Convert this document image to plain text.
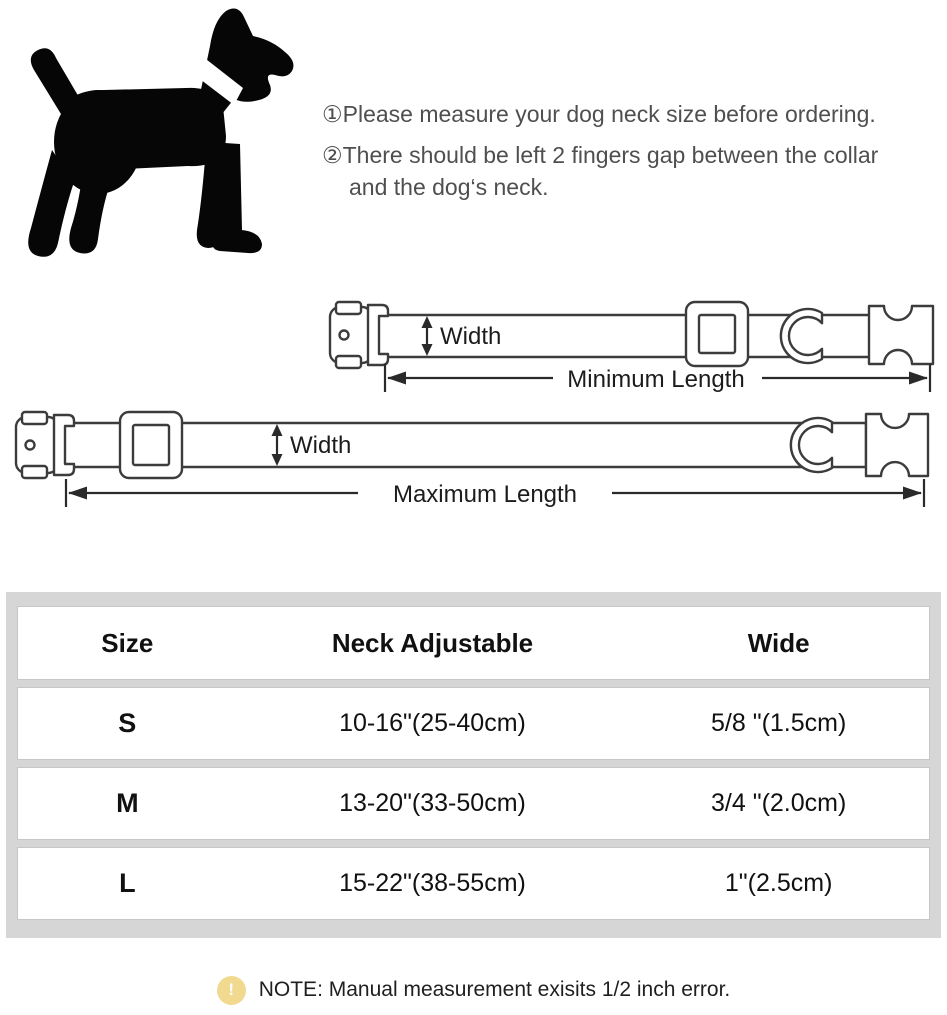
①Please measure your dog neck size before ordering.
②There should be left 2 fingers gap between the collar and the dog‘s neck.
Width
Minimum Length
Width
Maximum Length
Size	Neck Adjustable	Wide
S	10-16"(25-40cm)	5/8 "(1.5cm)
M	13-20"(33-50cm)	3/4 "(2.0cm)
L	15-22"(38-55cm)	1"(2.5cm)
!	NOTE: Manual measurement exisits 1/2 inch error.
